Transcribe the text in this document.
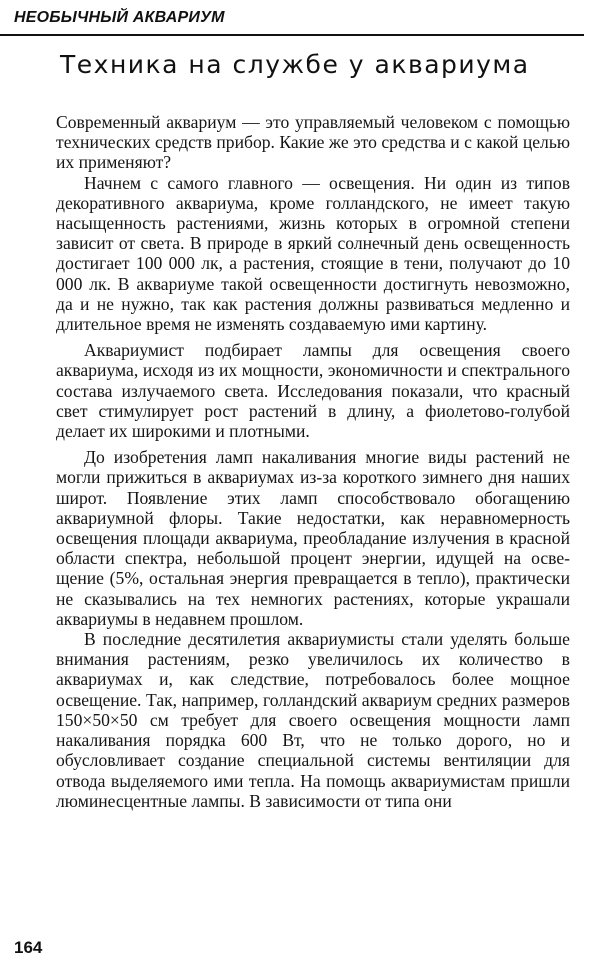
НЕОБЫЧНЫЙ АКВАРИУМ
Техника на службе у аквариума

Современный аквариум — это управляемый человеком с помощью технических средств прибор. Какие же это средства и с какой целью их применяют?

Начнем с самого главного — освещения. Ни один из типов декоративного аквариума, кроме голландского, не имеет такую насыщенность растениями, жизнь которых в огромной степени зависит от света. В природе в яркий солнечный день освещенность достигает 100 000 лк, а растения, стоящие в тени, получают до 10 000 лк. В аквариуме такой освещенности достигнуть невозможно, да и не нужно, так как растения должны развиваться медленно и длительное время не изменять создаваемую ими картину.

Аквариумист подбирает лампы для освещения своего аквариума, исходя из их мощности, экономичности и спектрального состава излучаемого света. Исследования показали, что красный свет стимулирует рост растений в длину, а фиолетово-голубой делает их широкими и плотными.

До изобретения ламп накаливания многие виды растений не могли прижиться в аквариумах из-за короткого зимнего дня наших широт. Появление этих ламп способствовало обогащению аквариумной флоры. Такие недостатки, как неравномерность освещения площади аквариума, преобладание излучения в красной области спектра, небольшой процент энергии, идущей на освещение (5%, остальная энергия превращается в тепло), практически не сказывались на тех немногих растениях, которые украшали аквариумы в недавнем прошлом.

В последние десятилетия аквариумисты стали уделять больше внимания растениям, резко увеличилось их количество в аквариумах и, как следствие, потребовалось более мощное освещение. Так, например, голландский аквариум средних размеров 150×50×50 см требует для своего освещения мощности ламп накаливания порядка 600 Вт, что не только дорого, но и обусловливает создание специальной системы вентиляции для отвода выделяемого ими тепла. На помощь аквариумистам пришли люминесцентные лампы. В зависимости от типа они

164
